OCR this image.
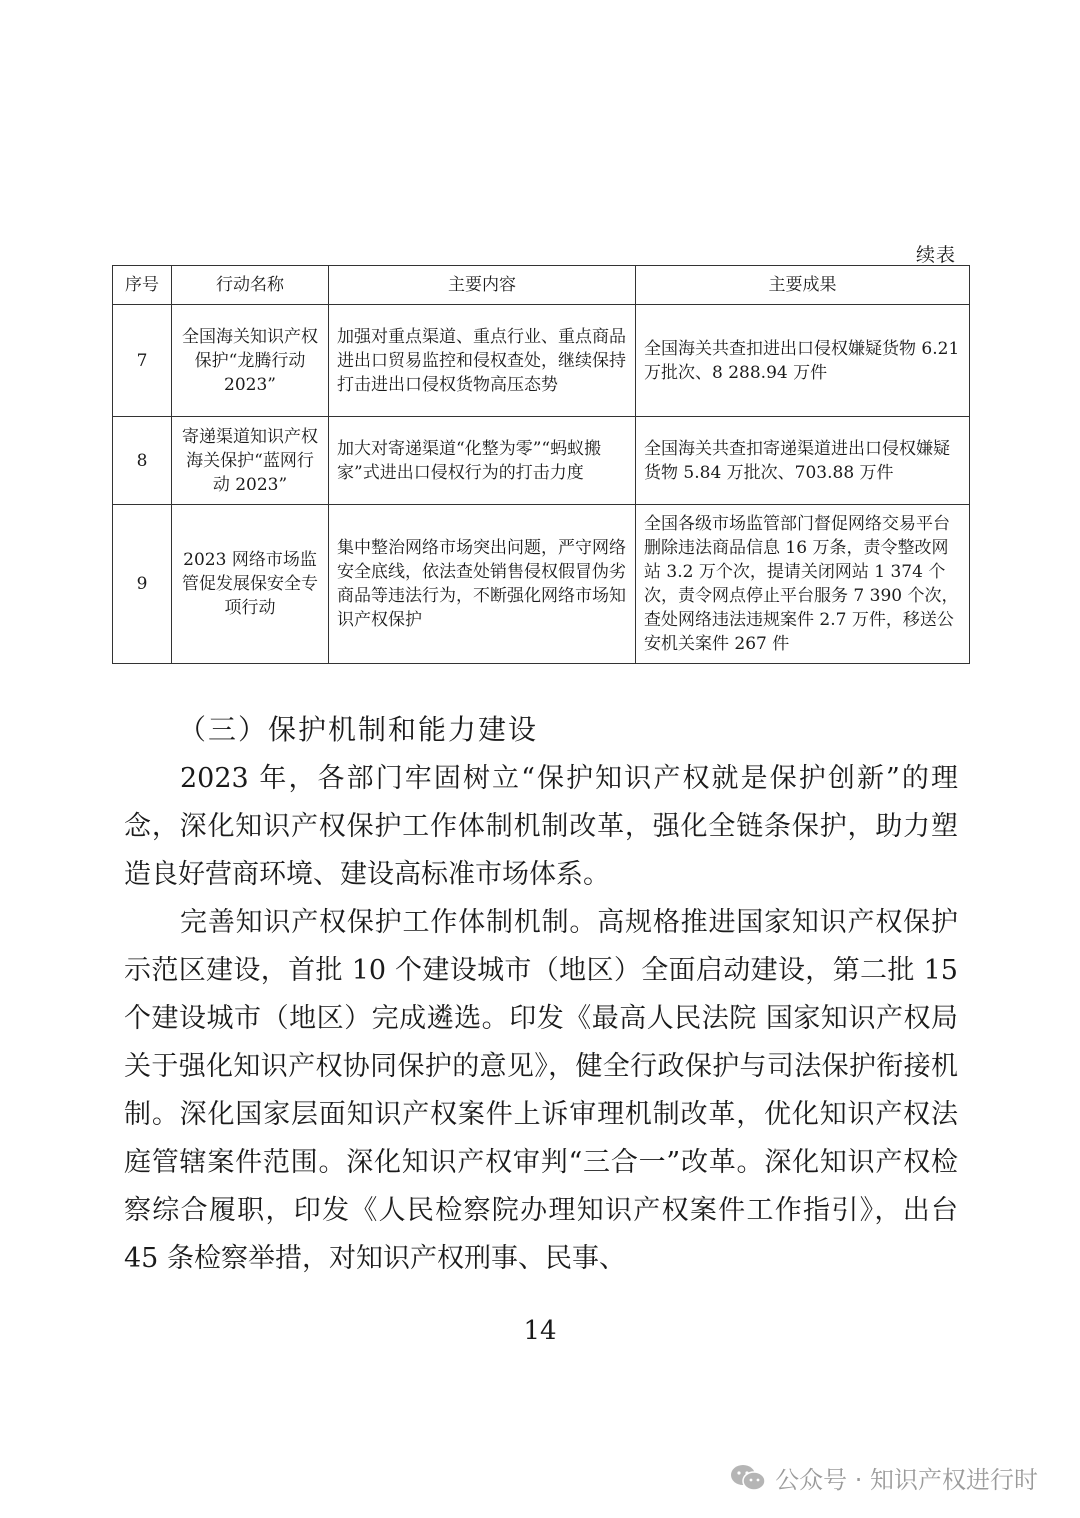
续表
序号	行动名称	主要内容	主要成果
7	全国海关知识产权保护“龙腾行动 2023”	加强对重点渠道、重点行业、重点商品进出口贸易监控和侵权查处，继续保持打击进出口侵权货物高压态势	全国海关共查扣进出口侵权嫌疑货物 6.21 万批次、8 288.94 万件
8	寄递渠道知识产权海关保护“蓝网行动 2023”	加大对寄递渠道“化整为零”“蚂蚁搬家”式进出口侵权行为的打击力度	全国海关共查扣寄递渠道进出口侵权嫌疑货物 5.84 万批次、703.88 万件
9	2023 网络市场监管促发展保安全专项行动	集中整治网络市场突出问题，严守网络安全底线，依法查处销售侵权假冒伪劣商品等违法行为，不断强化网络市场知识产权保护	全国各级市场监管部门督促网络交易平台删除违法商品信息 16 万条，责令整改网站 3.2 万个次，提请关闭网站 1 374 个次，责令网点停止平台服务 7 390 个次，查处网络违法违规案件 2.7 万件，移送公安机关案件 267 件
（三）保护机制和能力建设

2023 年，各部门牢固树立“保护知识产权就是保护创新”的理念，深化知识产权保护工作体制机制改革，强化全链条保护，助力塑造良好营商环境、建设高标准市场体系。

完善知识产权保护工作体制机制。高规格推进国家知识产权保护示范区建设，首批 10 个建设城市（地区）全面启动建设，第二批 15 个建设城市（地区）完成遴选。印发《最高人民法院 国家知识产权局关于强化知识产权协同保护的意见》，健全行政保护与司法保护衔接机制。深化国家层面知识产权案件上诉审理机制改革，优化知识产权法庭管辖案件范围。深化知识产权审判“三合一”改革。深化知识产权检察综合履职，印发《人民检察院办理知识产权案件工作指引》，出台 45 条检察举措，对知识产权刑事、民事、

14
公众号 · 知识产权进行时
